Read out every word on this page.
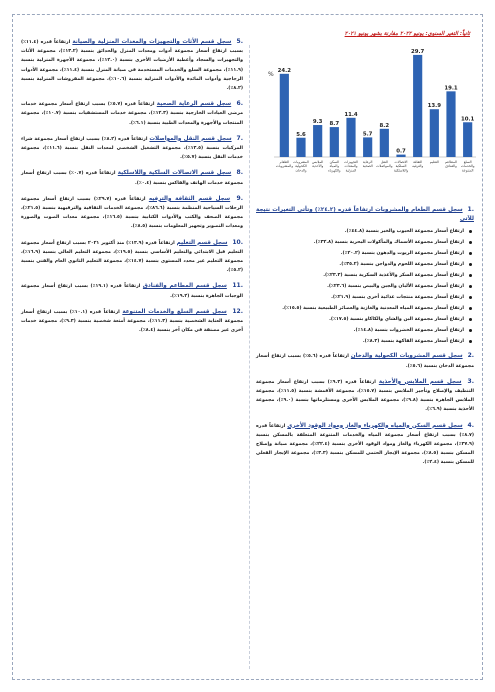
ثانياً: التغير السنوي: يونيو ٢٠٢٢ مقارنة بشهر يونيو ٢٠٢١
.1 سجل قسم الطعام والمشروبات ارتفاعاً قدره (٢٤.٢٪) وتأتي التغيرات نتيجة للآتي
ارتفاع أسعار مجموعة الحبوب والخبز بنسبة (٤٤.٨٪).
ارتفاع أسعار مجموعة الأسماك والمأكولات البحرية بنسبة (٣٢.٨٪).
ارتفاع أسعار مجموعة الزيوت والدهون بنسبة (٢٠.٢٪).
ارتفاع أسعار مجموعة اللحوم والدواجن بنسبة (٣٥.٢٪).
ارتفاع أسعار مجموعة السكر والأغذية السكرية بنسبة (٢٣.٣٪).
ارتفاع أسعار مجموعة الألبان والجبن والبيض بنسبة (٢٣.٦٪).
ارتفاع أسعار مجموعة منتجات غذائية أخرى بنسبة (٢١.٩٪).
ارتفاع أسعار مجموعة المياه المعدنية والغازية والعصائر الطبيعية بنسبة (١٥.٥٪).
ارتفاع أسعار مجموعة البن والشاي والكاكاو بنسبة (١٧.٥٪).
ارتفاع أسعار مجموعة الخضروات بنسبة (١٤.٨٪).
ارتفاع أسعار مجموعة الفاكهة بنسبة (٨.٣٪).
.2 سجل قسم المشروبات الكحولية والدخان ارتفاعاً قدره (٥.٦٪) بسبب ارتفاع أسعار مجموعة الدخان بنسبة (٥.٦٪).
.3 سجل قسم الملابس والأحذية ارتفاعاً قدره (٩.٣٪) بسبب ارتفاع أسعار مجموعة التنظيف والإصلاح وتأجير الملابس بنسبة (١٥.٧٪)، مجموعة الأقمشة بنسبة (١١.٥٪)، مجموعة الملابس الجاهزة بنسبة (٩.٨٪)، مجموعة الملابس الأخرى ومستلزماتها بنسبة (٩.٠٪)، مجموعة الأحذية بنسبة (٦.٩٪).
.4 سجل قسم السكن والمياه والكهرباء والغاز ومواد الوقود الأخرى ارتفاعاً قدره (٨.٧٪) بسبب ارتفاع أسعار مجموعة المياه والخدمات المتنوعة المتعلقة بالمسكن بنسبة (٣٧.٩٪)، مجموعة الكهرباء والغاز ومواد الوقود الأخرى بنسبة (٢٢.٤٪)، مجموعة صيانة وإصلاح المسكن بنسبة (٨.٥٪)، مجموعة الإيجار الحتمي للمسكن بنسبة (٣.٣٪)، مجموعة الإيجار الفعلي للمسكن بنسبة (٢.٤٪).
24.2
الطعام والمشروبات
5.6
المشروبات الكحولية والدخان
9.3
الملابس والأحذية
8.7
السكن والمياه والكهرباء
11.4
التجهيزات والمعدات المنزلية
5.7
الرعاية الصحية
8.2
النقل والمواصلات
0.7
الاتصالات السلكية واللاسلكية
29.7
الثقافة والترفيه
13.9
التعليم
19.1
المطاعم والفنادق
10.1
السلع والخدمات المتنوعة
%
.5 سجل قسم الأثاث والتجهيزات والمعدات المنزلية والصيانة ارتفاعاً قدره (١١.٤٪) بسبب ارتفاع أسعار مجموعة أدوات ومعدات المنزل والحدائق بنسبة (١٣.٢٪)، مجموعة الأثاث والتجهيزات والسجاد وأغطية الأرضيات الأخرى بنسبة (١٢.٠٪)، مجموعة الأجهزة المنزلية بنسبة (١١.٩٪)، مجموعة السلع والخدمات المستخدمة في صيانة المنزل بنسبة (١١.٤٪)، مجموعة الأدوات الزجاجية وأدوات المائدة والأدوات المنزلية بنسبة (١٠.٦٪)، مجموعة المفروشات المنزلية بنسبة (٨.٢٪).
.6 سجل قسم الرعاية الصحية ارتفاعاً قدره (٥.٧٪) بسبب ارتفاع أسعار مجموعة خدمات مرضى العيادات الخارجية بنسبة (١٢.٣٪)، مجموعة خدمات المستشفيات بنسبة (١٠.٧٪)، مجموعة المنتجات والأجهزة والمعدات الطبية بنسبة (٦.١٪).
.7 سجل قسم النقل والمواصلات ارتفاعاً قدره (٨.٢٪) بسبب ارتفاع أسعار مجموعة شراء المركبات بنسبة (١٣.٥٪)، مجموعة التشغيل الشخصي لمعدات النقل بنسبة (١١.٦٪)، مجموعة خدمات النقل بنسبة (٥.٧٪).
.8 سجل قسم الاتصالات السلكية واللاسلكية ارتفاعاً قدره (٠.٧٪) بسبب ارتفاع أسعار مجموعة خدمات الهاتف والفاكس بنسبة (٠.٤٪).
.9 سجل قسم الثقافة والترفيه ارتفاعاً قدره (٢٩.٧٪) بسبب ارتفاع أسعار مجموعة الرحلات السياحية المنظمة بنسبة (٨٦.٦٪)، مجموعة الخدمات الثقافية والترفيهية بنسبة (٢١.٥٪)، مجموعة الصحف والكتب والأدوات الكتابية بنسبة (١٦.٥٪)، مجموعة معدات الصوت والصورة ومعدات التصوير وتجهيز المعلومات بنسبة (٨.٥٪).
.10 سجل قسم التعليم ارتفاعاً قدره (١٣.٩٪) منذ أكتوبر ٢٠٢١ بسبب ارتفاع أسعار مجموعة التعليم قبل الابتدائي والتعليم الأساسي بنسبة (١٩.٥٪)، مجموعة التعليم العالي بنسبة (١٦.٩٪)، مجموعة التعليم غير محدد المستوى بنسبة (١٤.٧٪)، مجموعة التعليم الثانوي العام والفني بنسبة (٥.٢٪).
.11 سجل قسم المطاعم والفنادق ارتفاعاً قدره (١٩.١٪) بسبب ارتفاع أسعار مجموعة الوجبات الجاهزة بنسبة (١٩.٢٪).
.12 سجل قسم السلع والخدمات المتنوعة ارتفاعاً قدره (١٠.١٪) بسبب ارتفاع أسعار مجموعة العناية الشخصية بنسبة (١١.٣٪)، مجموعة أمتعة شخصية بنسبة (٩.٣٪)، مجموعة خدمات أخرى غير مصنفة في مكان آخر بنسبة (٨.٤٪).
